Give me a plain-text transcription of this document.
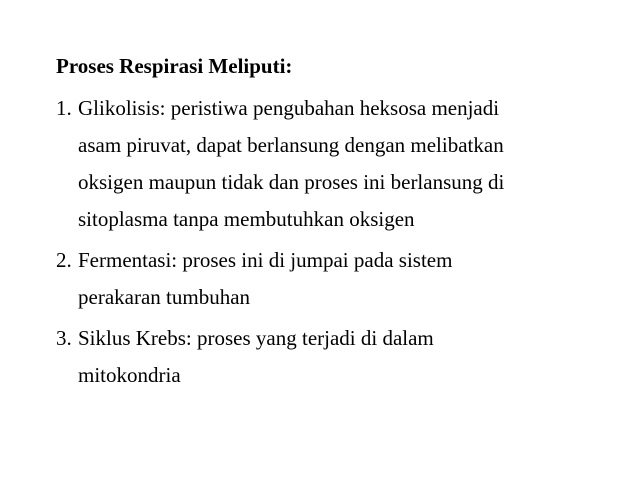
Proses Respirasi Meliputi:
1. Glikolisis: peristiwa pengubahan heksosa menjadi
asam piruvat, dapat berlansung dengan melibatkan
oksigen maupun tidak dan proses ini berlansung di
sitoplasma tanpa membutuhkan oksigen
2. Fermentasi: proses ini di jumpai pada sistem
perakaran tumbuhan
3. Siklus Krebs: proses yang terjadi di dalam
mitokondria
